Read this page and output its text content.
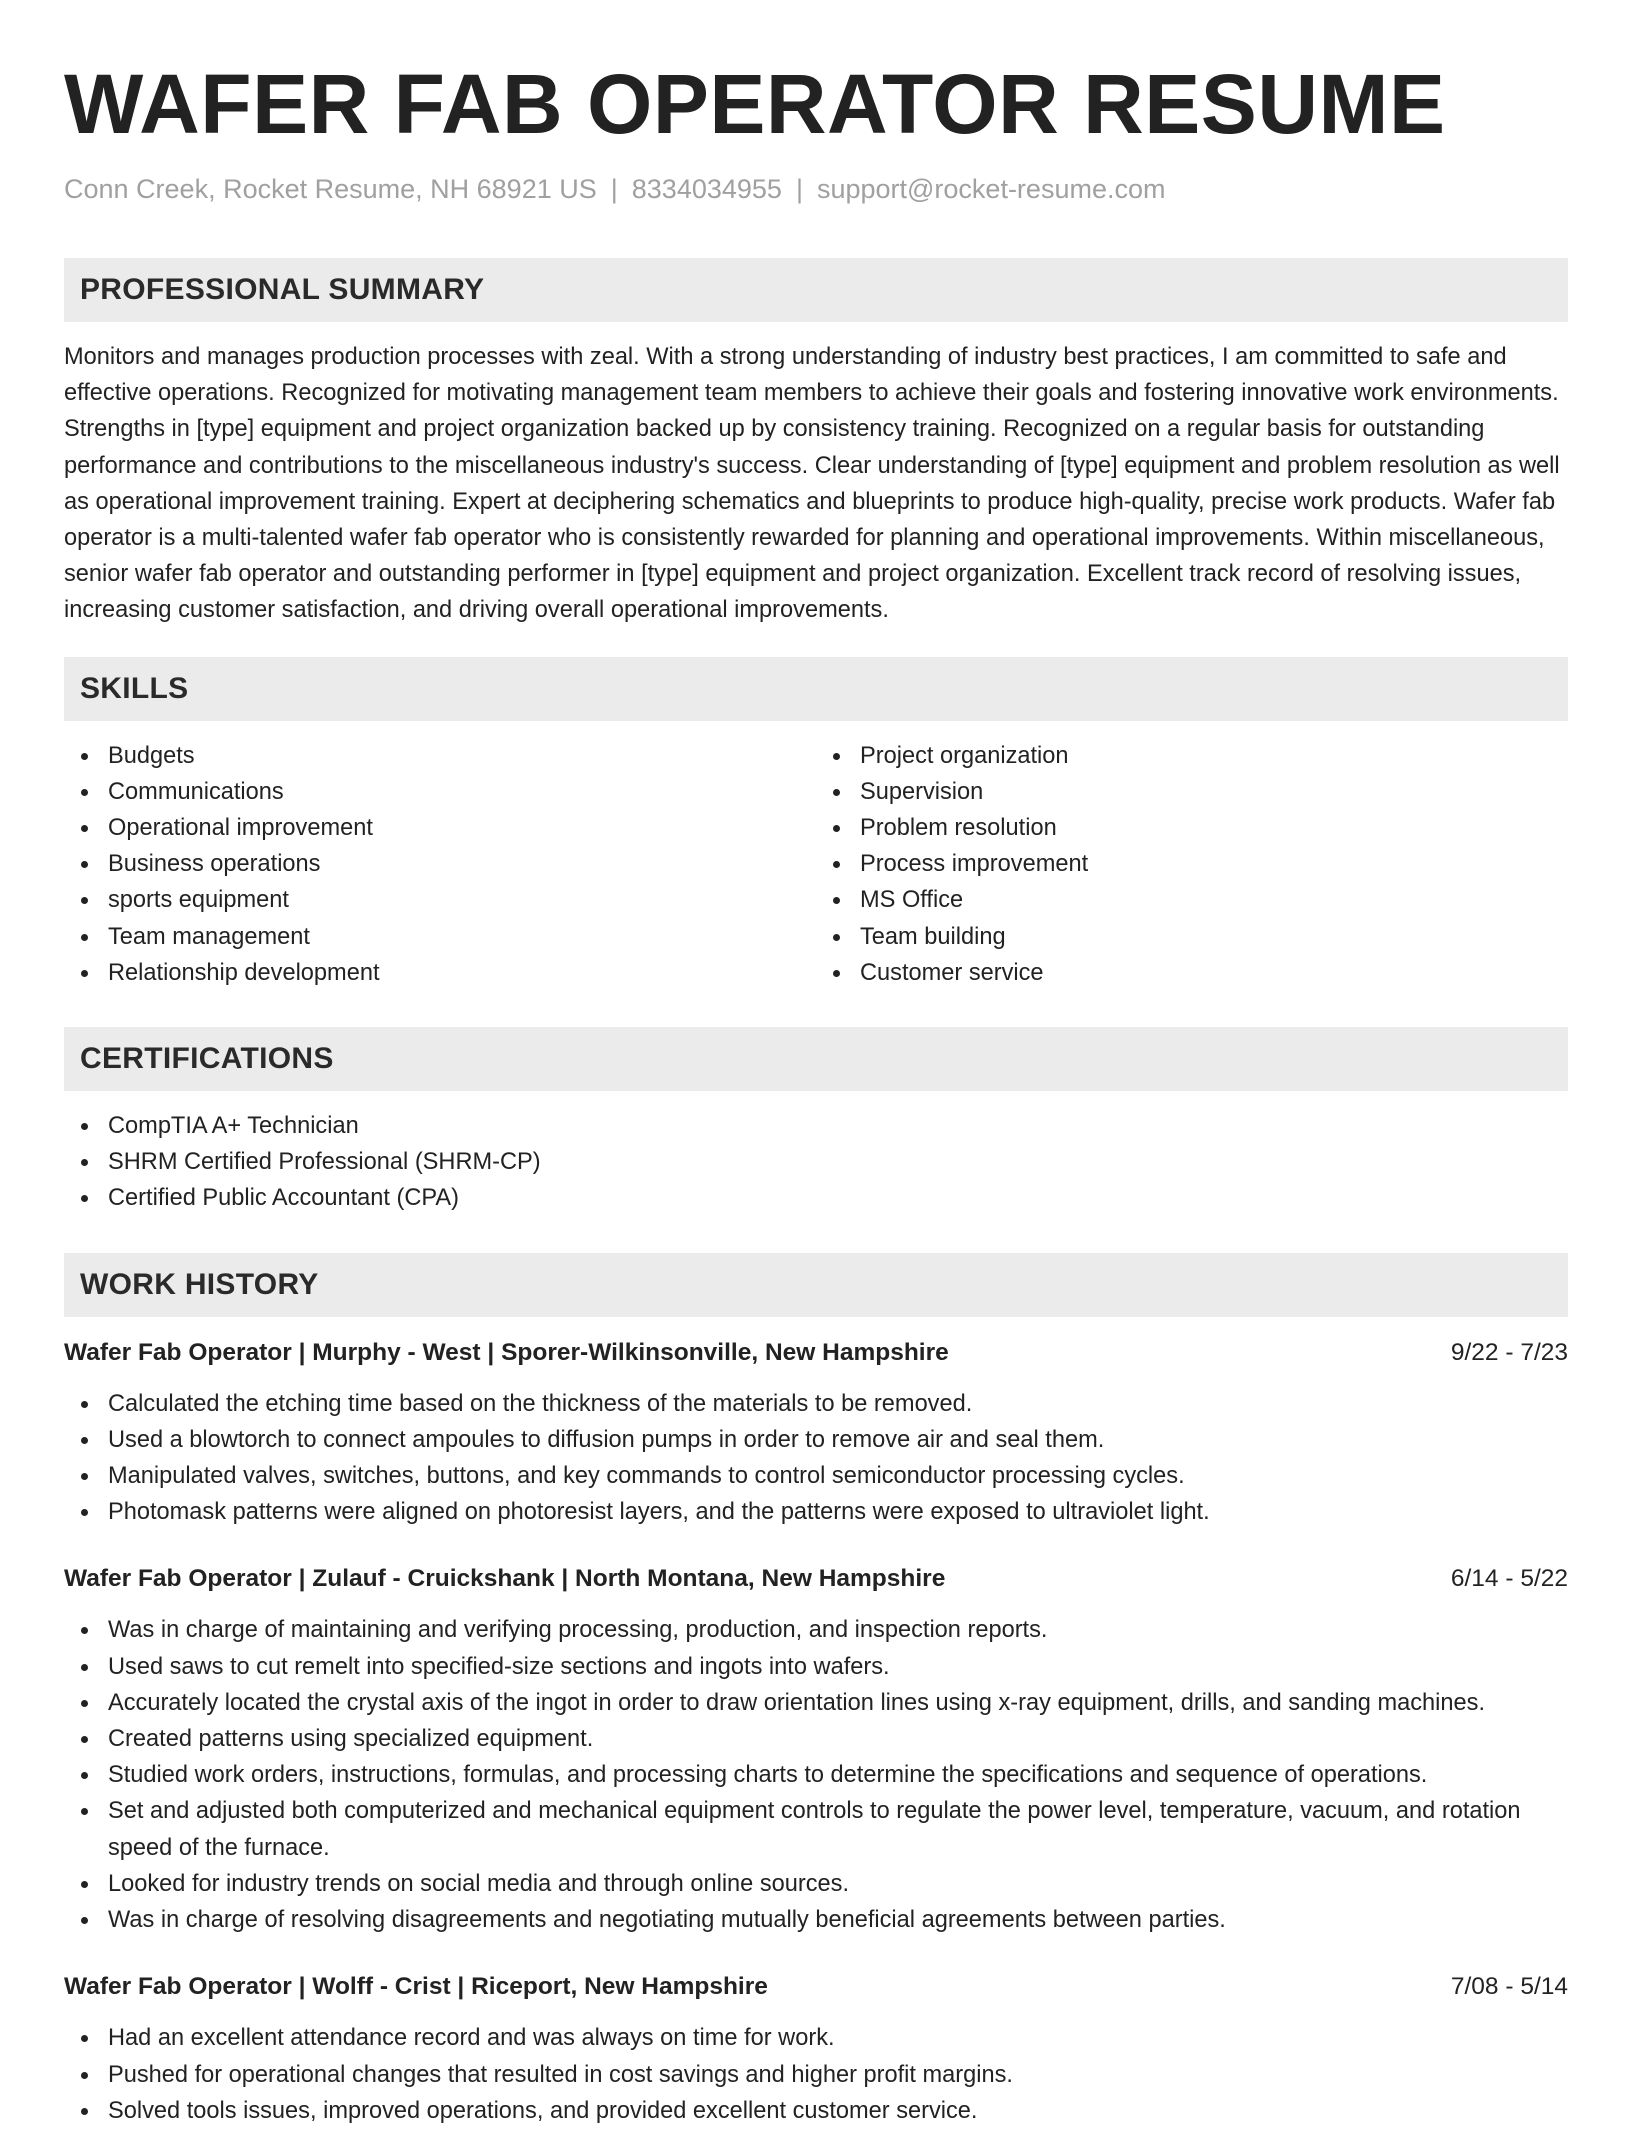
WAFER FAB OPERATOR RESUME
Conn Creek, Rocket Resume, NH 68921 US | 8334034955 | support@rocket-resume.com
PROFESSIONAL SUMMARY

Monitors and manages production processes with zeal. With a strong understanding of industry best practices, I am committed to safe and effective operations. Recognized for motivating management team members to achieve their goals and fostering innovative work environments. Strengths in [type] equipment and project organization backed up by consistency training. Recognized on a regular basis for outstanding performance and contributions to the miscellaneous industry's success. Clear understanding of [type] equipment and problem resolution as well as operational improvement training. Expert at deciphering schematics and blueprints to produce high-quality, precise work products. Wafer fab operator is a multi-talented wafer fab operator who is consistently rewarded for planning and operational improvements. Within miscellaneous, senior wafer fab operator and outstanding performer in [type] equipment and project organization. Excellent track record of resolving issues, increasing customer satisfaction, and driving overall operational improvements.

SKILLS
Budgets
Communications
Operational improvement
Business operations
sports equipment
Team management
Relationship development
Project organization
Supervision
Problem resolution
Process improvement
MS Office
Team building
Customer service
CERTIFICATIONS
CompTIA A+ Technician
SHRM Certified Professional (SHRM-CP)
Certified Public Accountant (CPA)
WORK HISTORY
Wafer Fab Operator | Murphy - West | Sporer-Wilkinsonville, New Hampshire	9/22 - 7/23
Calculated the etching time based on the thickness of the materials to be removed.
Used a blowtorch to connect ampoules to diffusion pumps in order to remove air and seal them.
Manipulated valves, switches, buttons, and key commands to control semiconductor processing cycles.
Photomask patterns were aligned on photoresist layers, and the patterns were exposed to ultraviolet light.
Wafer Fab Operator | Zulauf - Cruickshank | North Montana, New Hampshire	6/14 - 5/22
Was in charge of maintaining and verifying processing, production, and inspection reports.
Used saws to cut remelt into specified-size sections and ingots into wafers.
Accurately located the crystal axis of the ingot in order to draw orientation lines using x-ray equipment, drills, and sanding machines.
Created patterns using specialized equipment.
Studied work orders, instructions, formulas, and processing charts to determine the specifications and sequence of operations.
Set and adjusted both computerized and mechanical equipment controls to regulate the power level, temperature, vacuum, and rotation speed of the furnace.
Looked for industry trends on social media and through online sources.
Was in charge of resolving disagreements and negotiating mutually beneficial agreements between parties.
Wafer Fab Operator | Wolff - Crist | Riceport, New Hampshire	7/08 - 5/14
Had an excellent attendance record and was always on time for work.
Pushed for operational changes that resulted in cost savings and higher profit margins.
Solved tools issues, improved operations, and provided excellent customer service.
